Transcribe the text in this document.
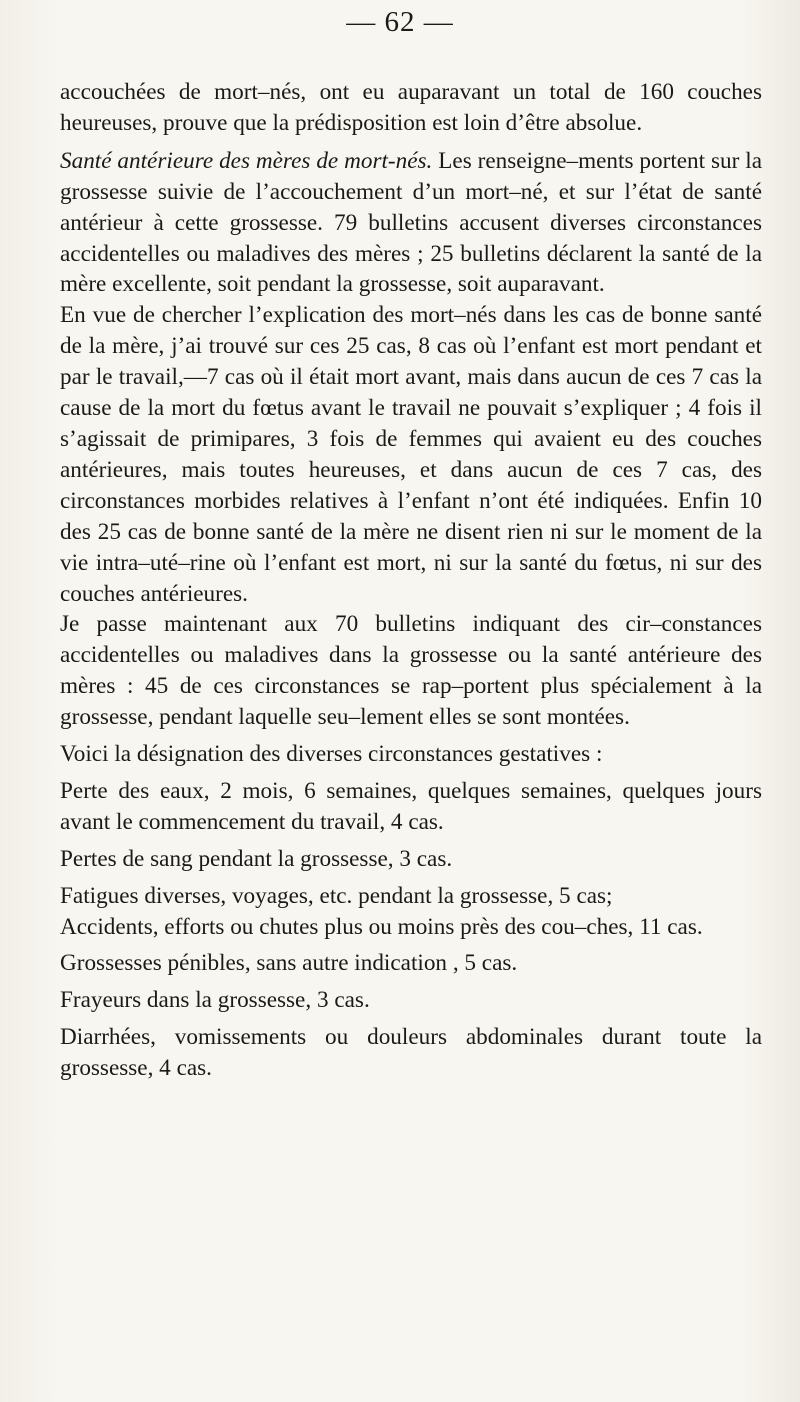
— 62 —

accouchées de mort–nés, ont eu auparavant un total de 160 couches heureuses, prouve que la prédisposition est loin d’être absolue.

Santé antérieure des mères de mort-nés. Les renseigne–ments portent sur la grossesse suivie de l’accouchement d’un mort–né, et sur l’état de santé antérieur à cette grossesse. 79 bulletins accusent diverses circonstances accidentelles ou maladives des mères ; 25 bulletins déclarent la santé de la mère excellente, soit pendant la grossesse, soit auparavant.

En vue de chercher l’explication des mort–nés dans les cas de bonne santé de la mère, j’ai trouvé sur ces 25 cas, 8 cas où l’enfant est mort pendant et par le travail,—7 cas où il était mort avant, mais dans aucun de ces 7 cas la cause de la mort du fœtus avant le travail ne pouvait s’expliquer ; 4 fois il s’agissait de primipares, 3 fois de femmes qui avaient eu des couches antérieures, mais toutes heureuses, et dans aucun de ces 7 cas, des circonstances morbides relatives à l’enfant n’ont été indiquées. Enfin 10 des 25 cas de bonne santé de la mère ne disent rien ni sur le moment de la vie intra–uté–rine où l’enfant est mort, ni sur la santé du fœtus, ni sur des couches antérieures.

Je passe maintenant aux 70 bulletins indiquant des cir–constances accidentelles ou maladives dans la grossesse ou la santé antérieure des mères : 45 de ces circonstances se rap–portent plus spécialement à la grossesse, pendant laquelle seu–lement elles se sont montées.

Voici la désignation des diverses circonstances gestatives :

Perte des eaux, 2 mois, 6 semaines, quelques semaines, quelques jours avant le commencement du travail, 4 cas.

Pertes de sang pendant la grossesse, 3 cas.

Fatigues diverses, voyages, etc. pendant la grossesse, 5 cas;

Accidents, efforts ou chutes plus ou moins près des cou–ches, 11 cas.

Grossesses pénibles, sans autre indication , 5 cas.

Frayeurs dans la grossesse, 3 cas.

Diarrhées, vomissements ou douleurs abdominales durant toute la grossesse, 4 cas.
